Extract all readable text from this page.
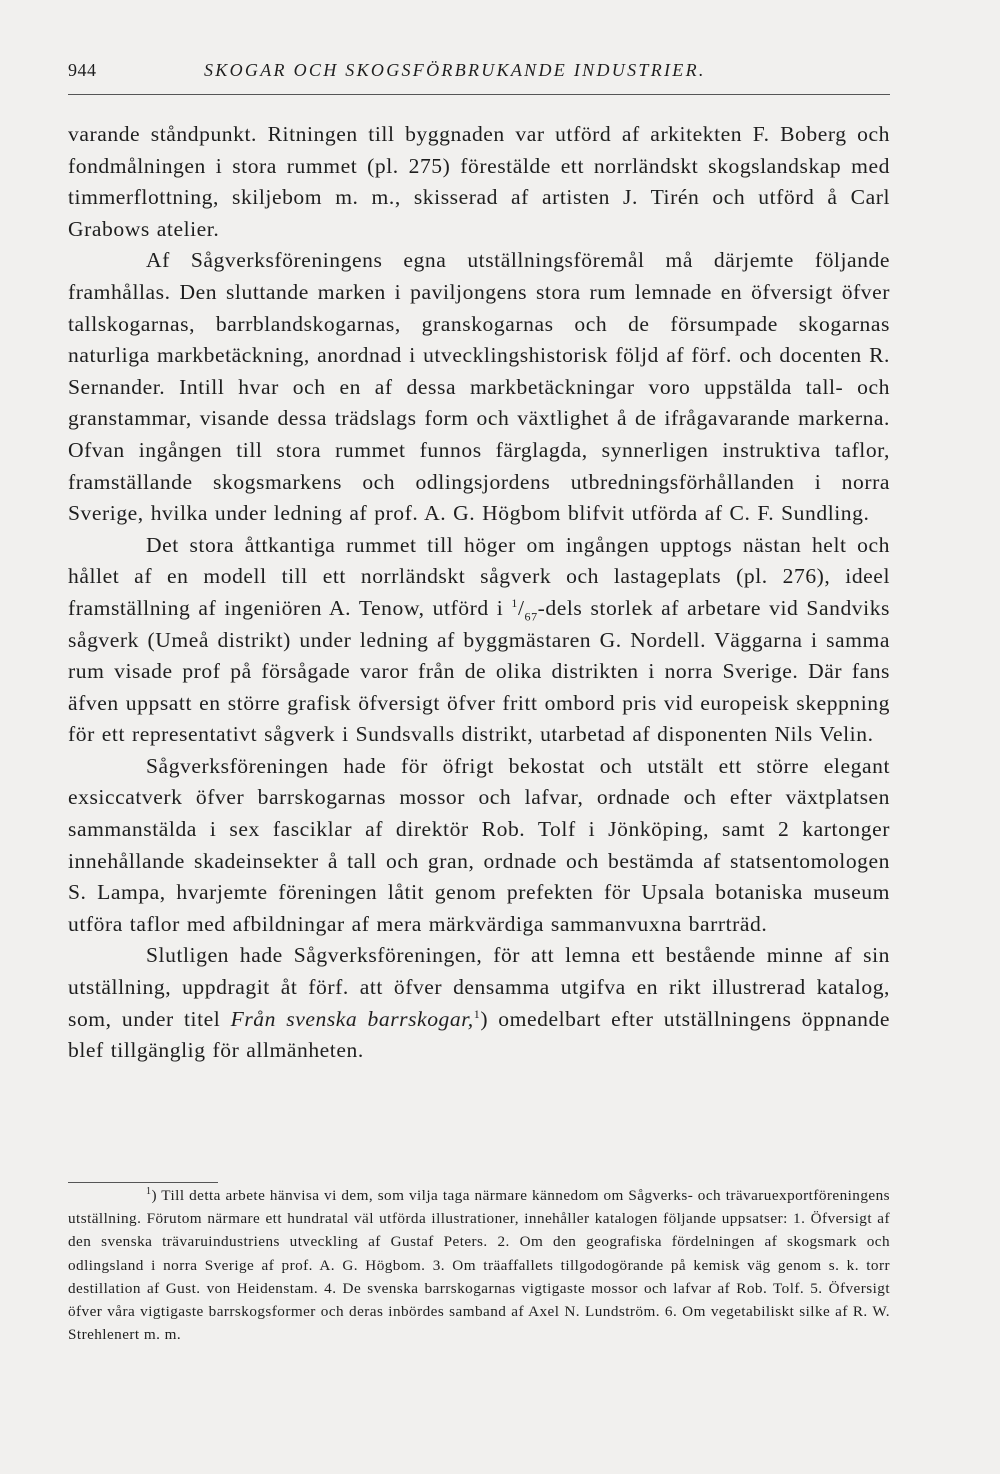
944	SKOGAR OCH SKOGSFÖRBRUKANDE INDUSTRIER.

varande ståndpunkt. Ritningen till byggnaden var utförd af arkitekten F. Boberg och fondmålningen i stora rummet (pl. 275) förestälde ett norrländskt skogslandskap med timmerflottning, skiljebom m. m., skisserad af artisten J. Tirén och utförd å Carl Grabows atelier.

Af Sågverksföreningens egna utställningsföremål må därjemte följande framhållas. Den sluttande marken i paviljongens stora rum lemnade en öfversigt öfver tallskogarnas, barrblandskogarnas, granskogarnas och de försumpade skogarnas naturliga markbetäckning, anordnad i utvecklingshistorisk följd af förf. och docenten R. Sernander. Intill hvar och en af dessa markbetäckningar voro uppstälda tall- och granstammar, visande dessa trädslags form och växtlighet å de ifrågavarande markerna. Ofvan ingången till stora rummet funnos färglagda, synnerligen instruktiva taflor, framställande skogsmarkens och odlingsjordens utbredningsförhållanden i norra Sverige, hvilka under ledning af prof. A. G. Högbom blifvit utförda af C. F. Sundling.

Det stora åttkantiga rummet till höger om ingången upptogs nästan helt och hållet af en modell till ett norrländskt sågverk och lastageplats (pl. 276), ideel framställning af ingeniören A. Tenow, utförd i $^1/_{67}$-dels storlek af arbetare vid Sandviks sågverk (Umeå distrikt) under ledning af byggmästaren G. Nordell. Väggarna i samma rum visade prof på försågade varor från de olika distrikten i norra Sverige. Där fans äfven uppsatt en större grafisk öfversigt öfver fritt ombord pris vid europeisk skeppning för ett representativt sågverk i Sundsvalls distrikt, utarbetad af disponenten Nils Velin.

Sågverksföreningen hade för öfrigt bekostat och utstält ett större elegant exsiccatverk öfver barrskogarnas mossor och lafvar, ordnade och efter växtplatsen sammanstälda i sex fasciklar af direktör Rob. Tolf i Jönköping, samt 2 kartonger innehållande skadeinsekter å tall och gran, ordnade och bestämda af statsentomologen S. Lampa, hvarjemte föreningen låtit genom prefekten för Upsala botaniska museum utföra taflor med afbildningar af mera märkvärdiga sammanvuxna barrträd.

Slutligen hade Sågverksföreningen, för att lemna ett bestående minne af sin utställning, uppdragit åt förf. att öfver densamma utgifva en rikt illustrerad katalog, som, under titel Från svenska barrskogar,$^1$) omedelbart efter utställningens öppnande blef tillgänglig för allmänheten.

$^1$) Till detta arbete hänvisa vi dem, som vilja taga närmare kännedom om Sågverks- och trävaruexportföreningens utställning. Förutom närmare ett hundratal väl utförda illustrationer, innehåller katalogen följande uppsatser: 1. Öfversigt af den svenska trävaruindustriens utveckling af Gustaf Peters. 2. Om den geografiska fördelningen af skogsmark och odlingsland i norra Sverige af prof. A. G. Högbom. 3. Om träaffallets tillgodogörande på kemisk väg genom s. k. torr destillation af Gust. von Heidenstam. 4. De svenska barrskogarnas vigtigaste mossor och lafvar af Rob. Tolf. 5. Öfversigt öfver våra vigtigaste barrskogsformer och deras inbördes samband af Axel N. Lundström. 6. Om vegetabiliskt silke af R. W. Strehlenert m. m.
